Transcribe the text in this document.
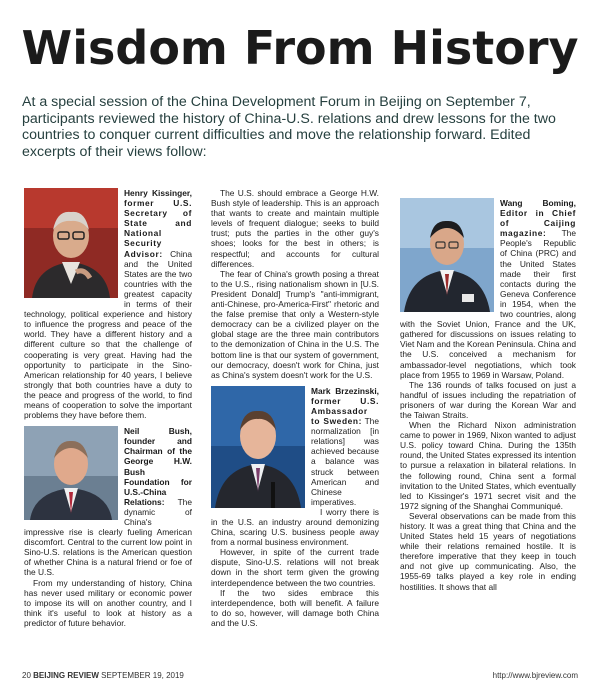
Wisdom From History
At a special session of the China Development Forum in Beijing on September 7, participants reviewed the history of China-U.S. relations and drew lessons for the two countries to conquer current difficulties and move the relationship forward. Edited excerpts of their views follow:

Henry Kissinger, former U.S. Secretary of State and National Security Advisor: China and the United States are the two countries with the greatest capacity in terms of their technology, political experience and history to influence the progress and peace of the world. They have a different history and a different culture so that the challenge of cooperating is very great. Having had the opportunity to participate in the Sino-American relationship for 40 years, I believe strongly that both countries have a duty to the peace and progress of the world, to find means of cooperation to solve the important problems they have before them.

Neil Bush, founder and Chairman of the George H.W. Bush Foundation for U.S.-China Relations: The dynamic of China's impressive rise is clearly fueling American discomfort. Central to the current low point in Sino-U.S. relations is the American question of whether China is a natural friend or foe of the U.S.

From my understanding of history, China has never used military or economic power to impose its will on another country, and I think it's useful to look at history as a predictor of future behavior.

The U.S. should embrace a George H.W. Bush style of leadership. This is an approach that wants to create and maintain multiple levels of frequent dialogue; seeks to build trust; puts the parties in the other guy's shoes; looks for the best in others; is respectful; and accounts for cultural differences.

The fear of China's growth posing a threat to the U.S., rising nationalism shown in [U.S. President Donald] Trump's "anti-immigrant, anti-Chinese, pro-America-First" rhetoric and the false premise that only a Western-style democracy can be a civilized player on the global stage are the three main contributors to the demonization of China in the U.S. The bottom line is that our system of government, our democracy, doesn't work for China, just as China's system doesn't work for the U.S.

Mark Brzezinski, former U.S. Ambassador to Sweden: The normalization [in relations] was achieved because a balance was struck between American and Chinese imperatives.

I worry there is in the U.S. an industry around demonizing China, scaring U.S. business people away from a normal business environment.

However, in spite of the current trade dispute, Sino-U.S. relations will not break down in the short term given the growing interdependence between the two countries.

If the two sides embrace this interdependence, both will benefit. A failure to do so, however, will damage both China and the U.S.

Wang Boming, Editor in Chief of Caijing magazine: The People's Republic of China (PRC) and the United States made their first contacts during the Geneva Conference in 1954, when the two countries, along with the Soviet Union, France and the UK, gathered for discussions on issues relating to Viet Nam and the Korean Peninsula. China and the U.S. conceived a mechanism for ambassador-level negotiations, which took place from 1955 to 1969 in Warsaw, Poland.

The 136 rounds of talks focused on just a handful of issues including the repatriation of prisoners of war during the Korean War and the Taiwan Straits.

When the Richard Nixon administration came to power in 1969, Nixon wanted to adjust U.S. policy toward China. During the 135th round, the United States expressed its intention to pursue a relaxation in bilateral relations. In the following round, China sent a formal invitation to the United States, which eventually led to Kissinger's 1971 secret visit and the 1972 signing of the Shanghai Communiqué.

Several observations can be made from this history. It was a great thing that China and the United States held 15 years of negotiations while their relations remained hostile. It is therefore imperative that they keep in touch and not give up communicating. Also, the 1955-69 talks played a key role in ending hostilities. It shows that all

20 BEIJING REVIEW SEPTEMBER 19, 2019	http://www.bjreview.com
